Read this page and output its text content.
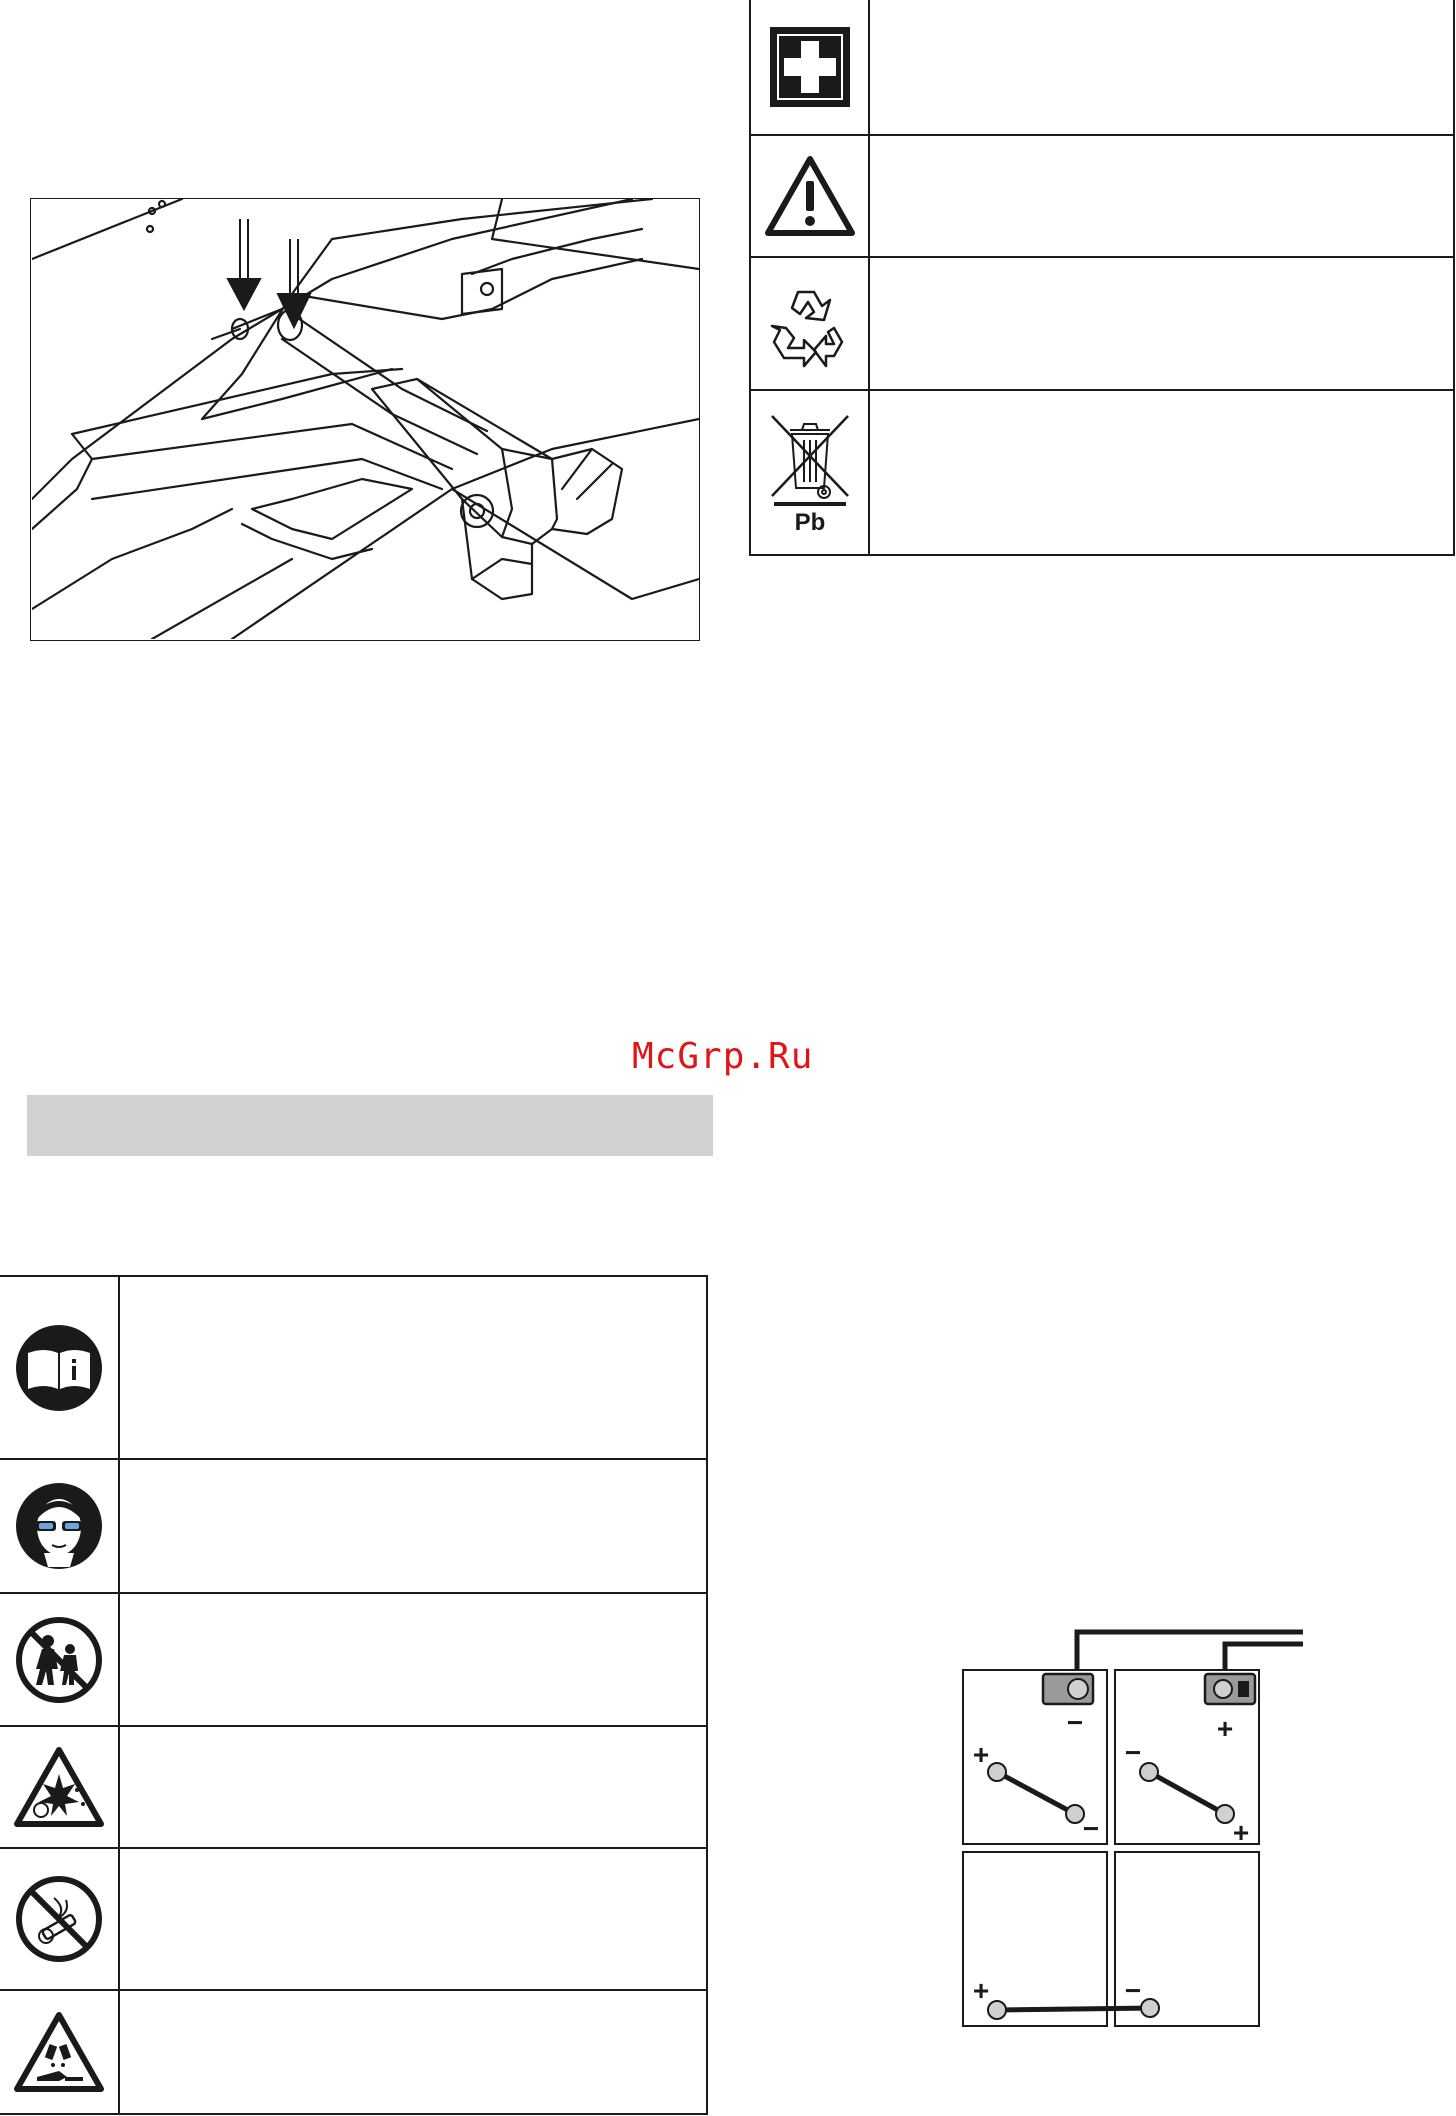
Pb	

McGrp.Ru

−	+
+
−
−
+
+	−
